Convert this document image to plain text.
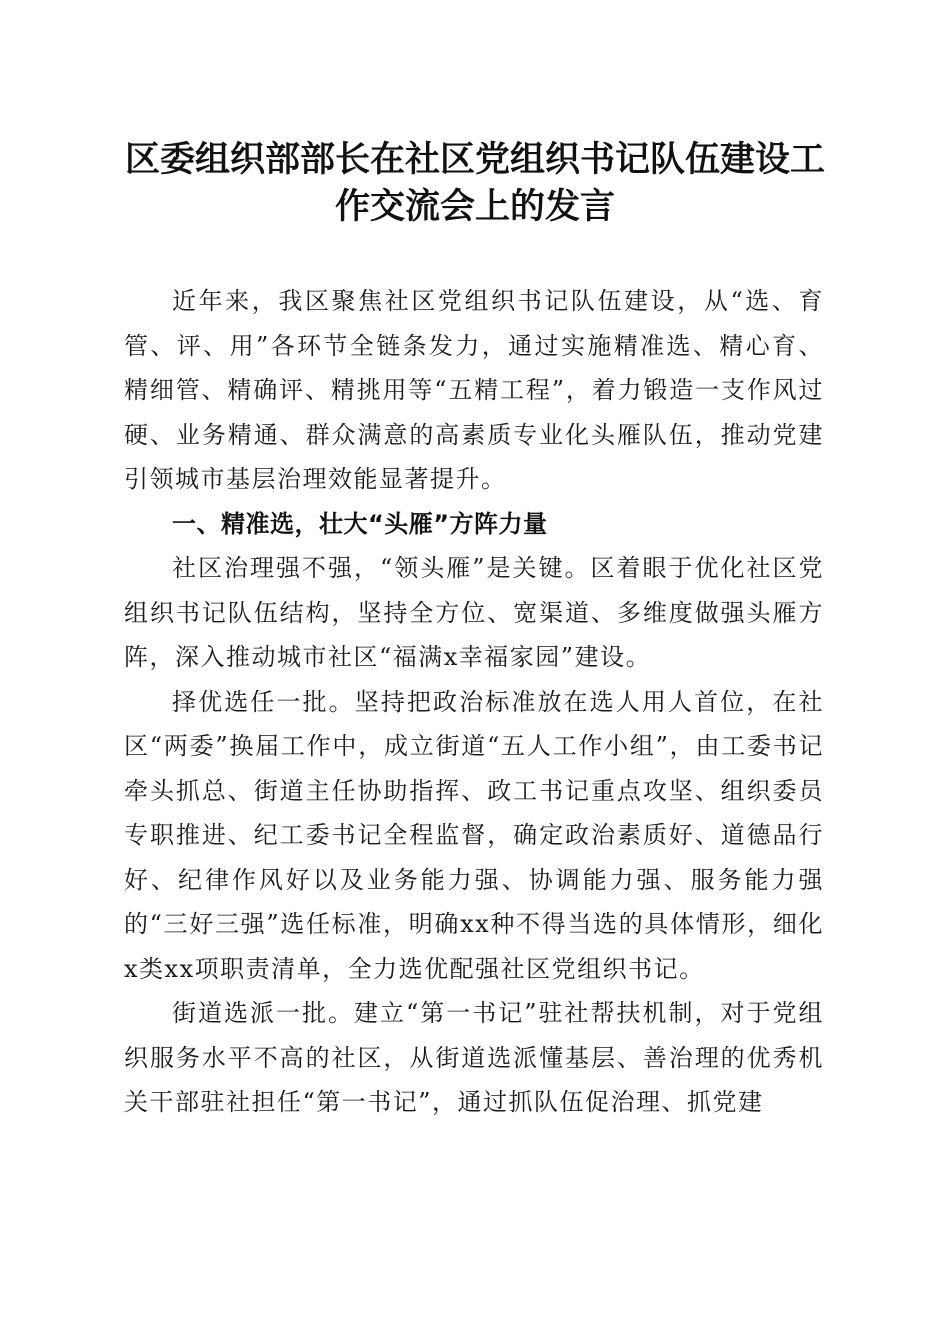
区委组织部部长在社区党组织书记队伍建设工
作交流会上的发言

近年来，我区聚焦社区党组织书记队伍建设，从“选、育管、评、用”各环节全链条发力，通过实施精准选、精心育、精细管、精确评、精挑用等“五精工程”，着力锻造一支作风过硬、业务精通、群众满意的高素质专业化头雁队伍，推动党建引领城市基层治理效能显著提升。

一、精准选，壮大“头雁”方阵力量

社区治理强不强，“领头雁”是关键。区着眼于优化社区党组织书记队伍结构，坚持全方位、宽渠道、多维度做强头雁方阵，深入推动城市社区“福满x幸福家园”建设。

择优选任一批。坚持把政治标准放在选人用人首位，在社区“两委”换届工作中，成立街道“五人工作小组”，由工委书记牵头抓总、街道主任协助指挥、政工书记重点攻坚、组织委员专职推进、纪工委书记全程监督，确定政治素质好、道德品行好、纪律作风好以及业务能力强、协调能力强、服务能力强的“三好三强”选任标准，明确xx种不得当选的具体情形，细化x类xx项职责清单，全力选优配强社区党组织书记。

街道选派一批。建立“第一书记”驻社帮扶机制，对于党组织服务水平不高的社区，从街道选派懂基层、善治理的优秀机关干部驻社担任“第一书记”，通过抓队伍促治理、抓党建
